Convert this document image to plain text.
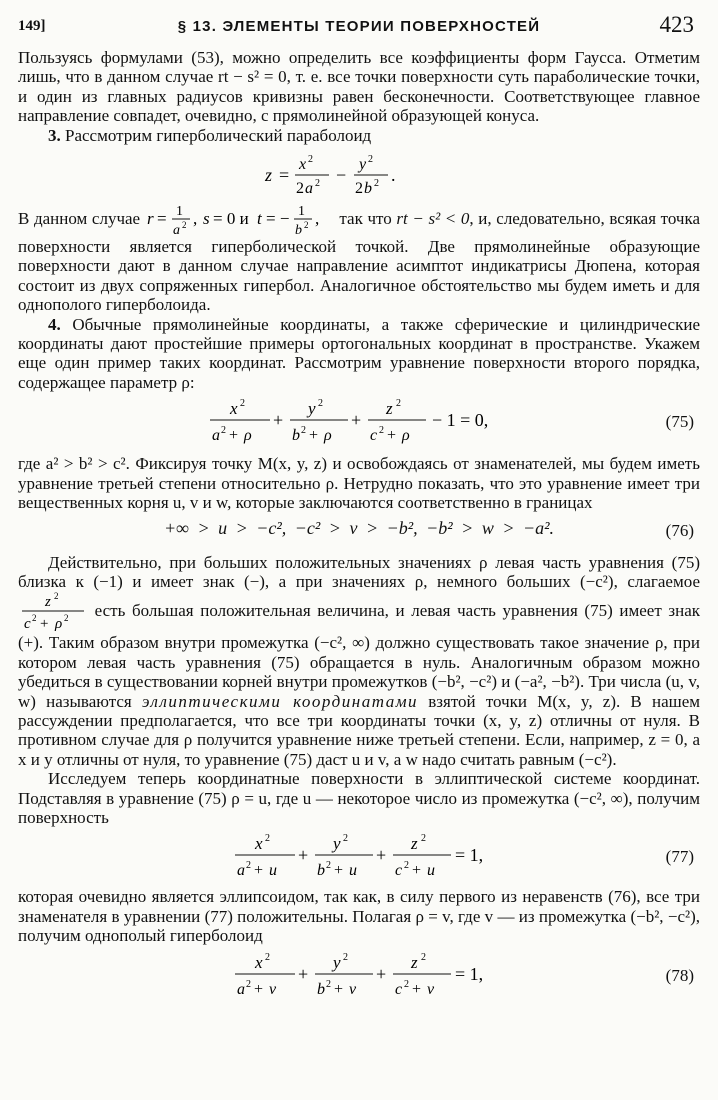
149]	§ 13. ЭЛЕМЕНТЫ ТЕОРИИ ПОВЕРХНОСТЕЙ	423

Пользуясь формулами (53), можно определить все коэффициенты форм Гаусса. Отметим лишь, что в данном случае rt − s² = 0, т. е. все точки поверхности суть параболические точки, и один из главных радиусов кривизны равен бесконечности. Соответствующее главное направление совпадет, очевидно, с прямолинейной образующей конуса.

3. Рассмотрим гиперболический параболоид

z =
x 2
2 a 2 −
y 2
2 b 2 .

В данном случае r = 1
a 2 , s = 0 и t = − 1
b 2 , так что rt − s² < 0, и, следовательно, всякая точка поверхности является гиперболической точкой. Две прямолинейные образующие поверхности дают в данном случае направление асимптот индикатрисы Дюпена, которая состоит из двух сопряженных гипербол. Аналогичное обстоятельство мы будем иметь и для однополого гиперболоида.

4. Обычные прямолинейные координаты, а также сферические и цилиндрические координаты дают простейшие примеры ортогональных координат в пространстве. Укажем еще один пример таких координат. Рассмотрим уравнение поверхности второго порядка, содержащее параметр ρ:

x 2
a 2 + ρ
+
y 2
b 2 + ρ
+
z 2
c 2 + ρ
− 1 = 0,	(75)

где a² > b² > c². Фиксируя точку M(x, y, z) и освобождаясь от знаменателей, мы будем иметь уравнение третьей степени относительно ρ. Нетрудно показать, что это уравнение имеет три вещественных корня u, v и w, которые заключаются соответственно в границах

+∞ > u > −c², −c² > v > −b², −b² > w > −a².	(76)

Действительно, при больших положительных значениях ρ левая часть уравнения (75) близка к (−1) и имеет знак (−), а при значениях ρ, немного больших (−c²), слагаемое
z 2
c 2 + ρ 2 есть большая положительная величина, и левая часть уравнения (75) имеет знак (+). Таким образом внутри промежутка (−c², ∞) должно существовать такое значение ρ, при котором левая часть уравнения (75) обращается в нуль. Аналогичным образом можно убедиться в существовании корней внутри промежутков (−b², −c²) и (−a², −b²). Три числа (u, v, w) называются эллиптическими координатами взятой точки M(x, y, z). В нашем рассуждении предполагается, что все три координаты точки (x, y, z) отличны от нуля. В противном случае для ρ получится уравнение ниже третьей степени. Если, например, z = 0, а x и y отличны от нуля, то уравнение (75) даст u и v, а w надо считать равным (−c²).

Исследуем теперь координатные поверхности в эллиптической системе координат. Подставляя в уравнение (75) ρ = u, где u — некоторое число из промежутка (−c², ∞), получим поверхность

x 2
a 2 + u
+
y 2
b 2 + u
+
z 2
c 2 + u
= 1,	(77)

которая очевидно является эллипсоидом, так как, в силу первого из неравенств (76), все три знаменателя в уравнении (77) положительны. Полагая ρ = v, где v — из промежутка (−b², −c²), получим однополый гиперболоид

x 2
a 2 + v
+
y 2
b 2 + v
+
z 2
c 2 + v
= 1,	(78)
